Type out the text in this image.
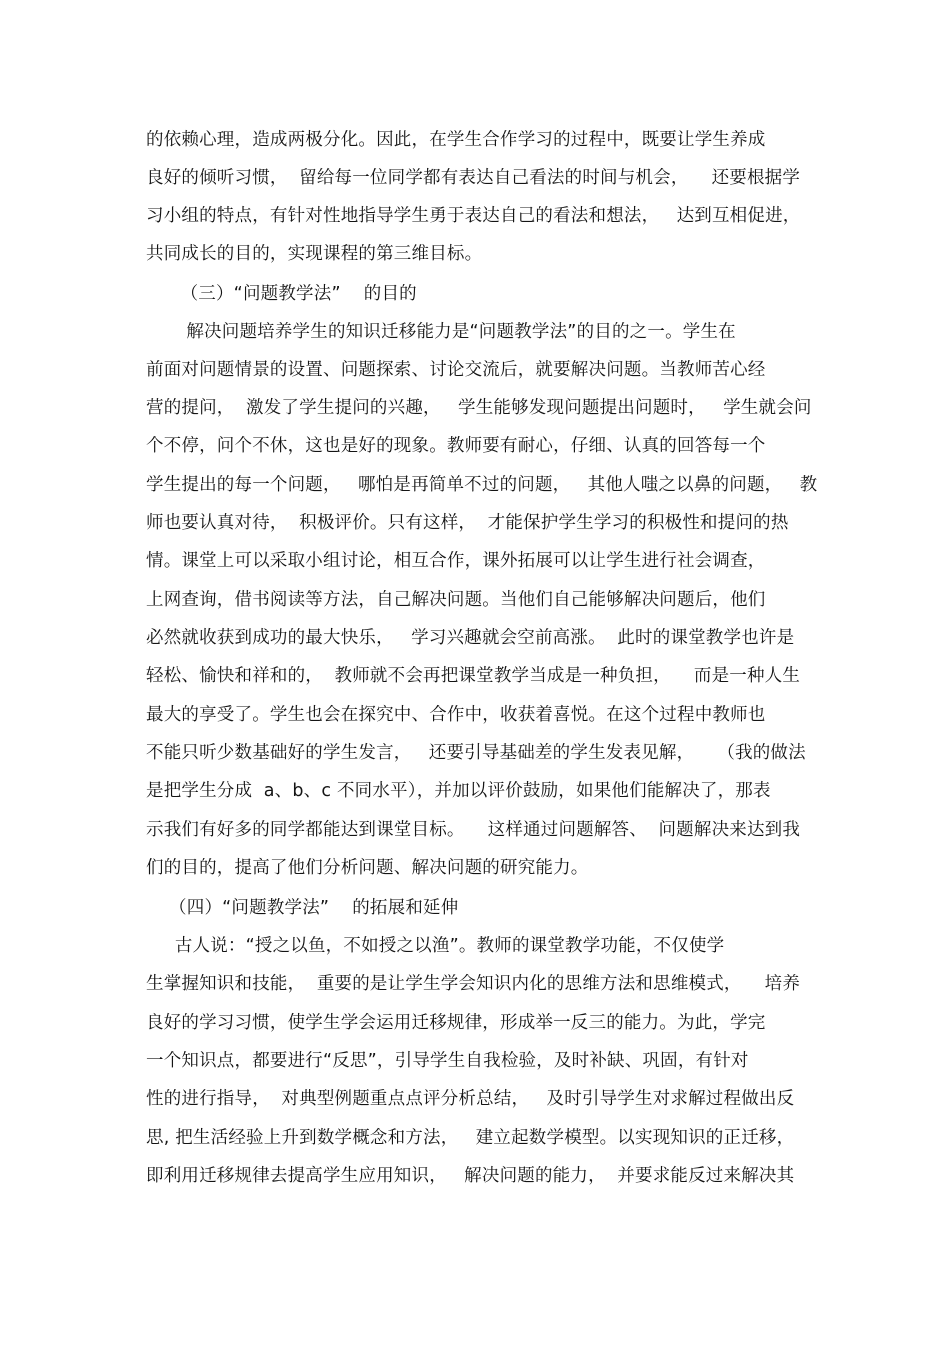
的依赖心理，造成两极分化。因此，在学生合作学习的过程中，既要让学生养成
良好的倾听习惯，  留给每一位同学都有表达自己看法的时间与机会，    还要根据学
习小组的特点，有针对性地指导学生勇于表达自己的看法和想法，   达到互相促进，
共同成长的目的，实现课程的第三维目标。
（三）“问题教学法”    的目的
解决问题培养学生的知识迁移能力是“问题教学法”的目的之一。学生在
前面对问题情景的设置、问题探索、讨论交流后，就要解决问题。当教师苦心经
营的提问，  激发了学生提问的兴趣，   学生能够发现问题提出问题时，   学生就会问
个不停，问个不休，这也是好的现象。教师要有耐心，仔细、认真的回答每一个
学生提出的每一个问题，   哪怕是再简单不过的问题，   其他人嗤之以鼻的问题，   教
师也要认真对待，  积极评价。只有这样，  才能保护学生学习的积极性和提问的热
情。课堂上可以采取小组讨论，相互合作，课外拓展可以让学生进行社会调查，
上网查询，借书阅读等方法，自己解决问题。当他们自己能够解决问题后，他们
必然就收获到成功的最大快乐，   学习兴趣就会空前高涨。  此时的课堂教学也许是
轻松、愉快和祥和的，  教师就不会再把课堂教学当成是一种负担，    而是一种人生
最大的享受了。学生也会在探究中、合作中，收获着喜悦。在这个过程中教师也
不能只听少数基础好的学生发言，   还要引导基础差的学生发表见解，    （我的做法
是把学生分成  a、b、c 不同水平），并加以评价鼓励，如果他们能解决了，那表
示我们有好多的同学都能达到课堂目标。    这样通过问题解答、  问题解决来达到我
们的目的，提高了他们分析问题、解决问题的研究能力。
（四）“问题教学法”    的拓展和延伸
古人说：“授之以鱼，不如授之以渔”。教师的课堂教学功能，不仅使学
生掌握知识和技能，  重要的是让学生学会知识内化的思维方法和思维模式，    培养
良好的学习习惯，使学生学会运用迁移规律，形成举一反三的能力。为此，学完
一个知识点，都要进行“反思”，引导学生自我检验，及时补缺、巩固，有针对
性的进行指导，  对典型例题重点点评分析总结，   及时引导学生对求解过程做出反
思, 把生活经验上升到数学概念和方法，   建立起数学模型。以实现知识的正迁移，
即利用迁移规律去提高学生应用知识，   解决问题的能力，  并要求能反过来解决其
